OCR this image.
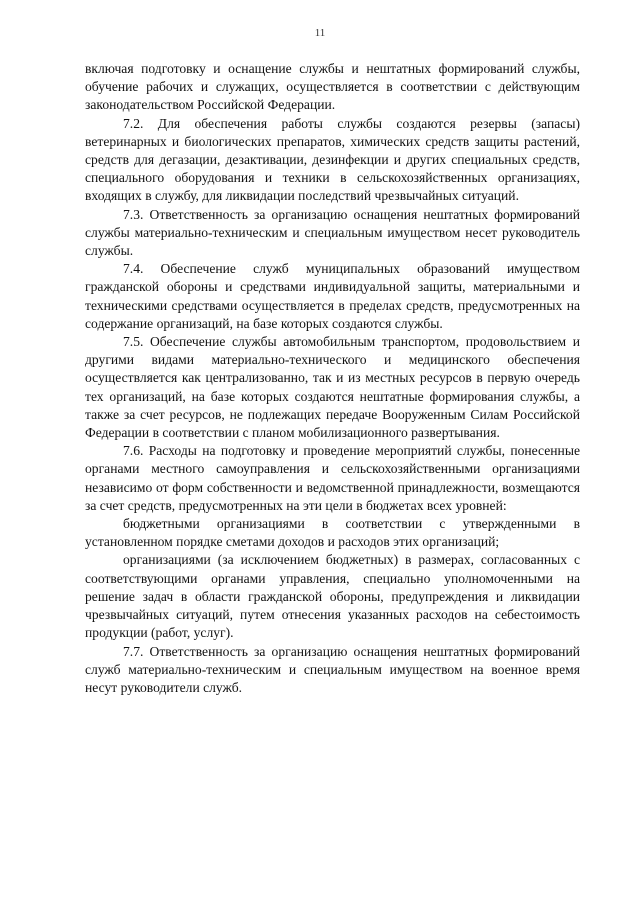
11

включая подготовку и оснащение службы и нештатных формирований службы, обучение рабочих и служащих, осуществляется в соответствии с действующим законодательством Российской Федерации.

7.2. Для обеспечения работы службы создаются резервы (запасы) ветеринарных и биологических препаратов, химических средств защиты растений, средств для дегазации, дезактивации, дезинфекции и других специальных средств, специального оборудования и техники в сельскохозяйственных организациях, входящих в службу, для ликвидации последствий чрезвычайных ситуаций.

7.3. Ответственность за организацию оснащения нештатных формирований службы материально-техническим и специальным имуществом несет руководитель службы.

7.4. Обеспечение служб муниципальных образований имуществом гражданской обороны и средствами индивидуальной защиты, материальными и техническими средствами осуществляется в пределах средств, предусмотренных на содержание организаций, на базе которых создаются службы.

7.5. Обеспечение службы автомобильным транспортом, продовольствием и другими видами материально-технического и медицинского обеспечения осуществляется как централизованно, так и из местных ресурсов в первую очередь тех организаций, на базе которых создаются нештатные формирования службы, а также за счет ресурсов, не подлежащих передаче Вооруженным Силам Российской Федерации в соответствии с планом мобилизационного развертывания.

7.6. Расходы на подготовку и проведение мероприятий службы, понесенные органами местного самоуправления и сельскохозяйственными организациями независимо от форм собственности и ведомственной принадлежности, возмещаются за счет средств, предусмотренных на эти цели в бюджетах всех уровней:

бюджетными организациями в соответствии с утвержденными в установленном порядке сметами доходов и расходов этих организаций;

организациями (за исключением бюджетных) в размерах, согласованных с соответствующими органами управления, специально уполномоченными на решение задач в области гражданской обороны, предупреждения и ликвидации чрезвычайных ситуаций, путем отнесения указанных расходов на себестоимость продукции (работ, услуг).

7.7. Ответственность за организацию оснащения нештатных формирований служб материально-техническим и специальным имуществом на военное время несут руководители служб.
